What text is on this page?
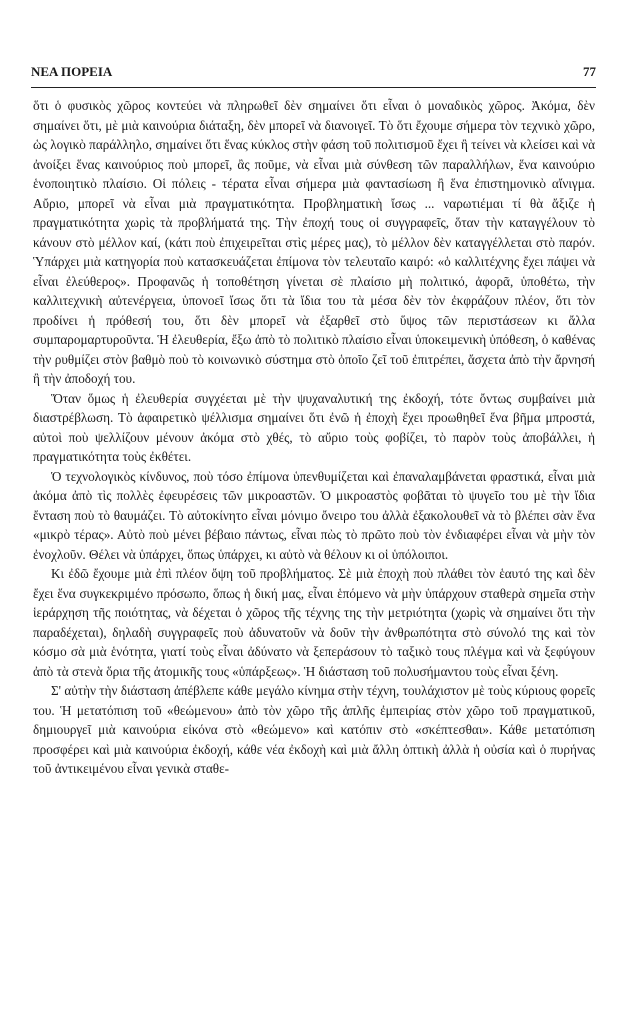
ΝΕΑ ΠΟΡΕΙΑ	77

ὅτι ὁ φυσικὸς χῶρος κοντεύει νὰ πληρωθεῖ δὲν σημαίνει ὅτι εἶναι ὁ μοναδικὸς χῶρος. Ἀκόμα, δὲν σημαίνει ὅτι, μὲ μιὰ καινούρια διάταξη, δὲν μπορεῖ νὰ διανοιγεῖ. Τὸ ὅτι ἔχουμε σήμερα τὸν τεχνικὸ χῶρο, ὡς λογικὸ παράλληλο, σημαίνει ὅτι ἕνας κύκλος στὴν φάση τοῦ πολιτισμοῦ ἔχει ἢ τείνει νὰ κλείσει καὶ νὰ ἀνοίξει ἕνας καινούριος ποὺ μπορεῖ, ἂς ποῦμε, νὰ εἶναι μιὰ σύνθεση τῶν παραλλήλων, ἕνα καινούριο ἑνοποιητικὸ πλαίσιο. Οἱ πόλεις - τέρατα εἶναι σήμερα μιὰ φαντασίωση ἢ ἕνα ἐπιστημονικὸ αἴνιγμα. Αὔριο, μπορεῖ νὰ εἶναι μιὰ πραγματικότητα. Προβληματικὴ ἴσως ... ναρωτιέμαι τί θὰ ἄξιζε ἡ πραγματικότητα χωρὶς τὰ προβλήματά της. Τὴν ἐποχή τους οἱ συγγραφεῖς, ὅταν τὴν καταγγέλουν τὸ κάνουν στὸ μέλλον καί, (κάτι ποὺ ἐπιχειρεῖται στὶς μέρες μας), τὸ μέλλον δὲν καταγγέλλεται στὸ παρόν. Ὑπάρχει μιὰ κατηγορία ποὺ κατασκευάζεται ἐπίμονα τὸν τελευταῖο καιρό: «ὁ καλλιτέχνης ἔχει πάψει νὰ εἶναι ἐλεύθερος». Προφανῶς ἡ τοποθέτηση γίνεται σὲ πλαίσιο μὴ πολιτικό, ἀφορᾶ, ὑποθέτω, τὴν καλλιτεχνικὴ αὐτενέργεια, ὑπονοεῖ ἴσως ὅτι τὰ ἴδια του τὰ μέσα δὲν τὸν ἐκφράζουν πλέον, ὅτι τὸν προδίνει ἡ πρόθεσή του, ὅτι δὲν μπορεῖ νὰ ἐξαρθεῖ στὸ ὕψος τῶν περιστάσεων κι ἄλλα συμπαρομαρτυροῦντα. Ἡ ἐλευθερία, ἔξω ἀπὸ τὸ πολιτικὸ πλαίσιο εἶναι ὑποκειμενικὴ ὑπόθεση, ὁ καθένας τὴν ρυθμίζει στὸν βαθμὸ ποὺ τὸ κοινωνικὸ σύστημα στὸ ὁποῖο ζεῖ τοῦ ἐπιτρέπει, ἄσχετα ἀπὸ τὴν ἄρνησή ἢ τὴν ἀποδοχή του.

Ὅταν ὅμως ἡ ἐλευθερία συγχέεται μὲ τὴν ψυχαναλυτική της ἐκδοχή, τότε ὄντως συμβαίνει μιὰ διαστρέβλωση. Τὸ ἀφαιρετικὸ ψέλλισμα σημαίνει ὅτι ἐνῶ ἡ ἐποχὴ ἔχει προωθηθεῖ ἕνα βῆμα μπροστά, αὐτοὶ ποὺ ψελλίζουν μένουν ἀκόμα στὸ χθές, τὸ αὔριο τοὺς φοβίζει, τὸ παρὸν τοὺς ἀποβάλλει, ἡ πραγματικότητα τοὺς ἐκθέτει.

Ὁ τεχνολογικὸς κίνδυνος, ποὺ τόσο ἐπίμονα ὑπενθυμίζεται καὶ ἐπαναλαμβάνεται φραστικά, εἶναι μιὰ ἀκόμα ἀπὸ τὶς πολλὲς ἐφευρέσεις τῶν μικροαστῶν. Ὁ μικροαστὸς φοβᾶται τὸ ψυγεῖο του μὲ τὴν ἴδια ἔνταση ποὺ τὸ θαυμάζει. Τὸ αὐτοκίνητο εἶναι μόνιμο ὄνειρο του ἀλλὰ ἐξακολουθεῖ νὰ τὸ βλέπει σὰν ἕνα «μικρὸ τέρας». Αὐτὸ ποὺ μένει βέβαιο πάντως, εἶναι πὼς τὸ πρῶτο ποὺ τὸν ἐνδιαφέρει εἶναι νὰ μὴν τὸν ἐνοχλοῦν. Θέλει νὰ ὑπάρχει, ὅπως ὑπάρχει, κι αὐτὸ νὰ θέλουν κι οἱ ὑπόλοιποι.

Κι ἐδῶ ἔχουμε μιὰ ἐπὶ πλέον ὄψη τοῦ προβλήματος. Σὲ μιὰ ἐποχὴ ποὺ πλάθει τὸν ἑαυτό της καὶ δὲν ἔχει ἕνα συγκεκριμένο πρόσωπο, ὅπως ἡ δική μας, εἶναι ἑπόμενο νὰ μὴν ὑπάρχουν σταθερὰ σημεῖα στὴν ἱεράρχηση τῆς ποιότητας, νὰ δέχεται ὁ χῶρος τῆς τέχνης της τὴν μετριότητα (χωρὶς νὰ σημαίνει ὅτι τὴν παραδέχεται), δηλαδὴ συγγραφεῖς ποὺ ἀδυνατοῦν νὰ δοῦν τὴν ἀνθρωπότητα στὸ σύνολό της καὶ τὸν κόσμο σὰ μιὰ ἑνότητα, γιατί τοὺς εἶναι ἀδύνατο νὰ ξεπεράσουν τὸ ταξικὸ τους πλέγμα καὶ νὰ ξεφύγουν ἀπὸ τὰ στενὰ ὅρια τῆς ἀτομικῆς τους «ὑπάρξεως». Ἡ διάσταση τοῦ πολυσήμαντου τοὺς εἶναι ξένη.

Σ' αὐτὴν τὴν διάσταση ἀπέβλεπε κάθε μεγάλο κίνημα στὴν τέχνη, τουλάχιστον μὲ τοὺς κύριους φορεῖς του. Ἡ μετατόπιση τοῦ «θεώμενου» ἀπὸ τὸν χῶρο τῆς ἁπλῆς ἐμπειρίας στὸν χῶρο τοῦ πραγματικοῦ, δημιουργεῖ μιὰ καινούρια εἰκόνα στὸ «θεώμενο» καὶ κατόπιν στὸ «σκέπτεσθαι». Κάθε μετατόπιση προσφέρει καὶ μιὰ καινούρια ἐκδοχή, κάθε νέα ἐκδοχὴ καὶ μιὰ ἄλλη ὀπτικὴ ἀλλὰ ἡ οὐσία καὶ ὁ πυρήνας τοῦ ἀντικειμένου εἶναι γενικὰ σταθε-
